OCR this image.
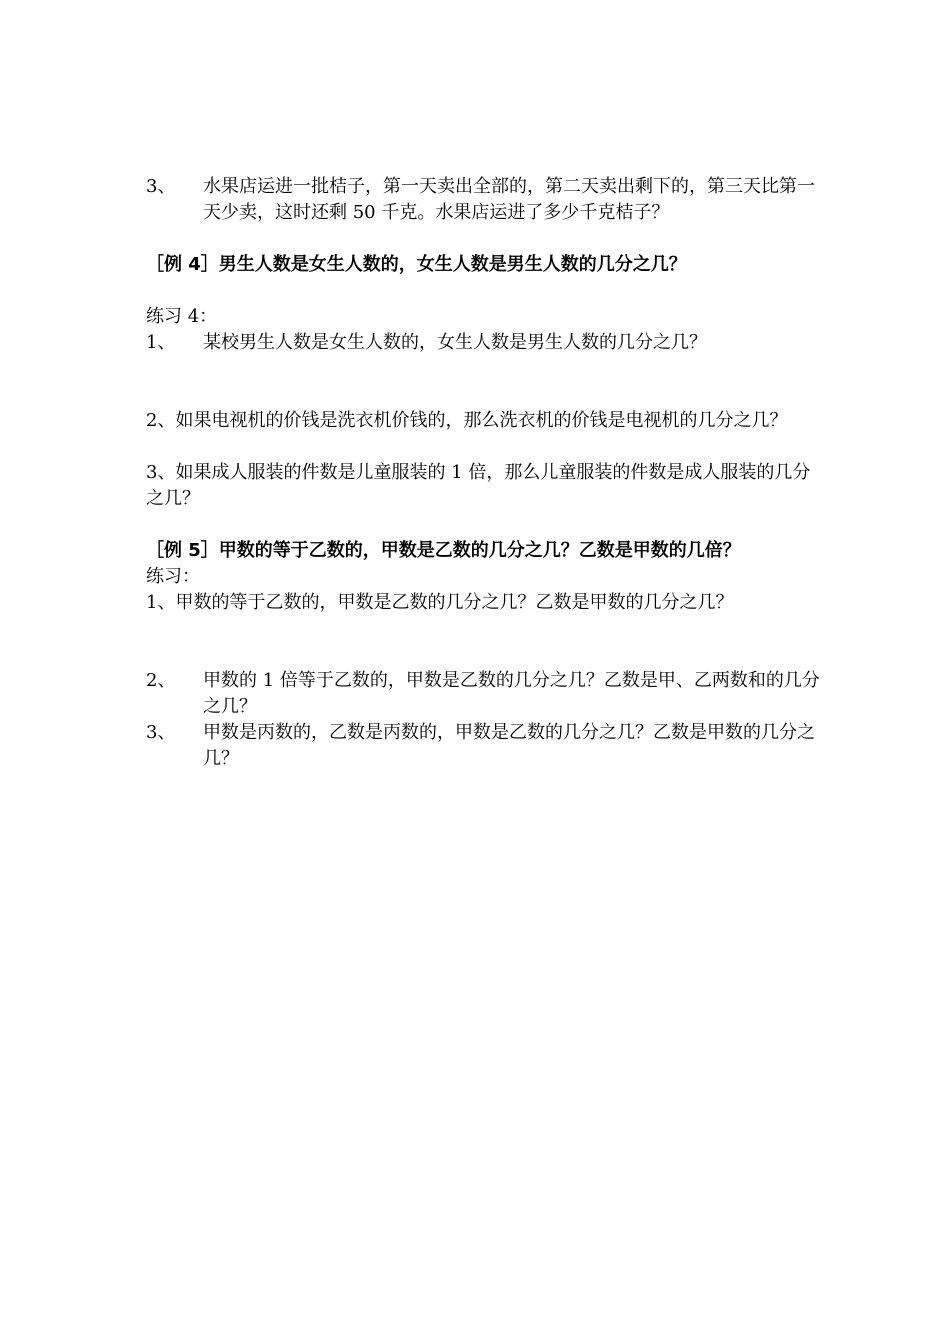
3、	水果店运进一批桔子，第一天卖出全部的，第二天卖出剩下的，第三天比第一天少卖，这时还剩 50 千克。水果店运进了多少千克桔子？

［例 4］男生人数是女生人数的，女生人数是男生人数的几分之几？

练习 4：

1、	某校男生人数是女生人数的，女生人数是男生人数的几分之几？

2、如果电视机的价钱是洗衣机价钱的，那么洗衣机的价钱是电视机的几分之几？

3、如果成人服装的件数是儿童服装的 1 倍，那么儿童服装的件数是成人服装的几分之几？

［例 5］甲数的等于乙数的，甲数是乙数的几分之几？乙数是甲数的几倍？

练习：

1、甲数的等于乙数的，甲数是乙数的几分之几？乙数是甲数的几分之几？

2、	甲数的 1 倍等于乙数的，甲数是乙数的几分之几？乙数是甲、乙两数和的几分之几？
3、	甲数是丙数的，乙数是丙数的，甲数是乙数的几分之几？乙数是甲数的几分之几？
